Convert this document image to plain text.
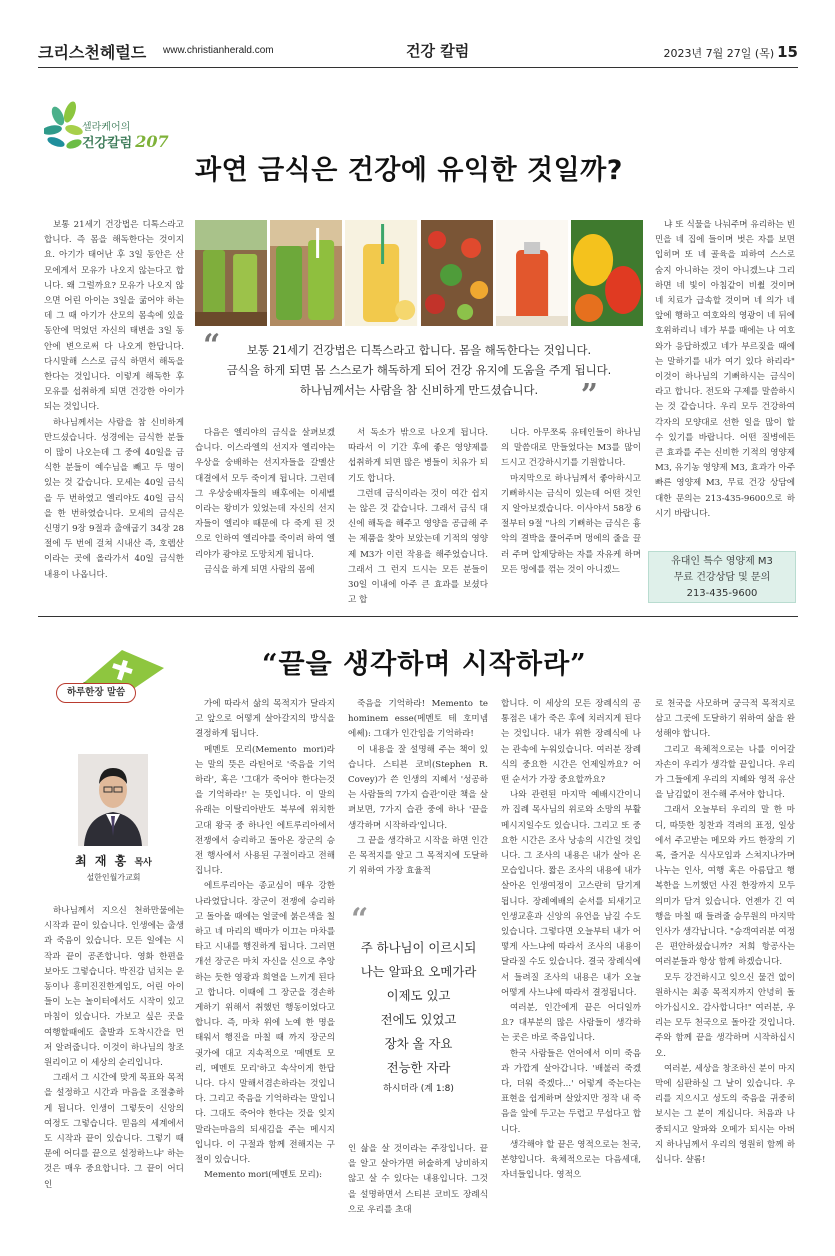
크리스천헤럴드 www.christianherald.com	건강 칼럼	2023년 7월 27일 (목) 15
셀라케어의
건강칼럼 207
과연 금식은 건강에 유익한 것일까?

보통 21세기 건강법은 디톡스라고 합니다. 즉 몸을 해독한다는 것이지요. 아기가 태어난 후 3일 동안은 산모에게서 모유가 나오지 않는다고 합니다. 왜 그럴까요? 모유가 나오지 않으면 어린 아이는 3일을 굶어야 하는데 그 때 아기가 산모의 몸속에 있을 동안에 먹었던 자신의 태변을 3일 동안에 변으로써 다 나오게 한답니다. 다시말해 스스로 금식 하면서 해독을 한다는 것입니다. 이렇게 해독한 후 모유를 섭취하게 되면 건강한 아이가 되는 것입니다.

하나님께서는 사람을 참 신비하게 만드셨습니다. 성경에는 금식한 분들이 많이 나오는데 그 중에 40일을 금식한 분들이 예수님을 빼고 두 명이 있는 것 같습니다. 모세는 40일 금식을 두 번하였고 엘리야도 40일 금식을 한 번하였습니다. 모세의 금식은 신명기 9장 9절과 출애굽기 34장 28절에 두 번에 걸쳐 시내산 즉, 호렙산이라는 곳에 올라가서 40일 금식한 내용이 나옵니다.

“	보통 21세기 건강법은 디톡스라고 합니다. 몸을 해독한다는 것입니다.
금식을 하게 되면 몸 스스로가 해독하게 되어 건강 유지에 도움을 주게 됩니다.
하나님께서는 사람을 참 신비하게 만드셨습니다.	”

다음은 엘리야의 금식을 살펴보겠습니다. 이스라엘의 선지자 엘리야는 우상을 숭배하는 선지자들을 갈멜산 대결에서 모두 죽이게 됩니다. 그런데 그 우상숭배자들의 배후에는 이세벨이라는 왕비가 있었는데 자신의 선지자들이 엘리야 때문에 다 죽게 된 것으로 인하여 엘리야를 죽이려 하여 엘리야가 광야로 도망치게 됩니다.

금식을 하게 되면 사람의 몸에

서 독소가 밖으로 나오게 됩니다. 따라서 이 기간 후에 좋은 영양제를 섭취하게 되면 많은 병들이 치유가 되기도 합니다.

그런데 금식이라는 것이 여간 쉽지는 않은 것 같습니다. 그래서 금식 대신에 해독을 해주고 영양을 공급해 주는 제품을 찾아 보았는데 기적의 영양제 M3가 이런 작용을 해주었습니다. 그래서 그 런지 드시는 모든 분들이 30일 이내에 아주 큰 효과를 보셨다고 합

니다. 아무쪼록 유테인들이 하나님의 말씀대로 만들었다는 M3를 많이 드시고 건강하시기를 기원합니다.

마지막으로 하나님께서 좋아하시고 기뻐하시는 금식이 있는데 어떤 것인지 알아보겠습니다. 이사야서 58장 6절부터 9절 "나의 기뻐하는 금식은 흉악의 결박을 풀어주며 멍에의 줄을 끌러 주며 압제당하는 자를 자유케 하며 모든 멍에를 꺾는 것이 아니겠느

냐 또 식물을 나눠주며 유리하는 빈민을 네 집에 들이며 벗은 자를 보면 입히며 또 네 골육을 피하여 스스로 숨지 아니하는 것이 아니겠느냐 그리하면 네 빛이 아침같이 비췰 것이며 네 치료가 급속할 것이며 네 의가 네 앞에 행하고 여호와의 영광이 네 뒤에 호위하리니 네가 부를 때에는 나 여호와가 응답하겠고 네가 부르짖을 때에는 말하기를 내가 여기 있다 하리라" 이것이 하나님의 기뻐하시는 금식이라고 합니다. 전도와 구제를 말씀하시는 것 같습니다. 우리 모두 건강하여 각자의 모양대로 선한 일을 많이 할 수 있기를 바랍니다. 어떤 질병에든 큰 효과를 주는 신비한 기적의 영양제 M3, 유기농 영양제 M3, 효과가 아주 빠른 영양제 M3, 무료 건강 상담에 대한 문의는 213-435-9600으로 하시기 바랍니다.

유대인 특수 영양제 M3
무료 건강상담 및 문의
213-435-9600
하루한장 말씀
“끝을 생각하며 시작하라”
최 재 홍 목사
설한인월가교회

하나님께서 지으신 천하만물에는 시작과 끝이 있습니다. 인생에는 출생과 죽음이 있습니다. 모든 일에는 시작과 끝이 공존합니다. 영화 한편을 보아도 그렇습니다. 박진감 넘치는 운동이나 흥미진진한게임도, 어린 아이들이 노는 놀이터에서도 시작이 있고 마침이 있습니다. 가보고 싶은 곳을 여행할때에도 출발과 도착시간을 먼저 알려줍니다. 이것이 하나님의 창조원리이고 이 세상의 순리입니다.

그래서 그 시간에 맞게 목표와 목적을 설정하고 시간과 마음을 조절충하게 됩니다. 인생이 그렇듯이 신앙의 여정도 그렇습니다. 믿음의 세계에서도 시작과 끝이 있습니다. 그렇기 때문에 어디를 끝으로 설정하느냐' 하는 것은 매우 중요합니다. 그 끝이 어디인

가에 따라서 삶의 목적지가 달라지고 앞으로 어떻게 살아갈지의 방식을 결정하게 됩니다.

메멘토 모리(Memento mori)라는 말의 뜻은 라틴어로 '죽음을 기억하라', 혹은 '그대가 죽어야 한다는것을 기억하라!' 는 뜻입니다. 이 말의 유래는 이탈리아반도 북부에 위치한 고대 왕국 중 하나인 에트루리아에서 전쟁에서 승리하고 돌아온 장군의 승전 행사에서 사용된 구절이라고 전해집니다.

에트루리아는 종교심이 매우 강한 나라였답니다. 장군이 전쟁에 승리하고 돌아올 때에는 얼굴에 붉은색을 칠하고 네 마리의 백마가 이끄는 마차를 타고 시내를 행진하게 됩니다. 그러면 개선 장군은 마치 자신을 신으로 추앙하는 듯한 영광과 희열을 느끼게 된다고 합니다. 이때에 그 장군을 경손하게하기 위해서 취했던 행동이었다고 합니다. 즉, 마차 위에 노예 한 명을 태워서 행진을 마칠 때 까지 장군의 귓가에 대고 지속적으로 '메멘토 모리, 메멘토 모리'하고 속삭이게 한답니다. 다시 말해서겸손하라는 것입니다. 그리고 죽음을 기억하라는 말입니다. 그대도 죽어야 한다는 것을 잊지 말라는마음의 되새김을 주는 메시지입니다. 이 구절과 함께 전해지는 구절이 있습니다.

Memento mori(메멘토 모리):

죽음을 기억하라! Memento te hominem esse(메멘토 테 호미넴 에쎄): 그대가 인간임을 기억하라!

이 내용을 잘 설명해 주는 책이 있습니다. 스티븐 코비(Stephen R. Covey)가 쓴 인생의 지혜서 '성공하는 사람들의 7가지 습관'이란 책을 살펴보면, 7가지 습관 중에 하나 '끝을 생각하며 시작하라'입니다.

그 끝을 생각하고 시작을 하면 인간은 목적지를 알고 그 목적지에 도달하기 위하여 가장 효율적

“
주 하나님이 이르시되
나는 알파요 오메가라
이제도 있고
전에도 있었고
장차 올 자요
전능한 자라
하시더라 (계 1:8)

인 삶을 살 것이라는 주장입니다. 끝을 알고 살아가면 허술하게 낭비하지 않고 살 수 있다는 내용입니다. 그것을 설명하면서 스티븐 코비도 장례식으로 우리를 초대

합니다. 이 세상의 모든 장례식의 공통점은 내가 죽은 후에 치러지게 된다는 것입니다. 내가 위한 장례식에 나는 관속에 누워있습니다. 여러분 장례식의 중요한 시간은 언제일까요? 어떤 순서가 가장 중요할까요?

나와 관련된 마지막 예배시간이니까 집례 목사님의 위로와 소망의 부활 메시지일수도 있습니다. 그리고 또 중요한 시간은 조사 낭송의 시간일 것입니다. 그 조사의 내용은 내가 살아 온 모습입니다. 짧은 조사의 내용에 내가 살아온 인생여정이 고스란히 담기게 됩니다. 장례예배의 순서를 되새기고 인생교훈과 신앙의 유언을 남길 수도 있습니다. 그렇다면 오늘부터 내가 어떻게 사느냐에 따라서 조사의 내용이 달라질 수도 있습니다. 결국 장례식에서 들려질 조사의 내용은 내가 오늘 어떻게 사느냐에 따라서 결정됩니다.

여러분, 인간에게 끝은 어디일까요? 대부분의 많은 사람들이 생각하는 곳은 바로 죽음입니다.

한국 사람들은 언어에서 이미 죽음과 가깝게 살아갑니다. '배불러 죽겠다, 더워 죽겠다...' 어렇게 죽는다는 표현을 쉽게하며 살았지만 정작 내 죽음을 앞에 두고는 두렵고 무섭다고 합니다.

생각해야 할 끝은 영적으로는 천국, 본향입니다. 육체적으로는 다음세대, 자녀들입니다. 영적으

로 천국을 사모하며 궁극적 목적지로 삼고 그곳에 도달하기 위하여 삶을 완성해야 합니다.

그리고 육체적으로는 나를 이어갈 자손이 우리가 생각할 끝입니다. 우리가 그들에게 우리의 지혜와 영적 유산을 남김없이 전수해 주셔야 합니다.

그래서 오늘부터 우리의 말 한 마디, 따뜻한 칭찬과 격려의 표정, 일상에서 주고받는 메모와 카드 한장의 기록, 즐거운 식사모임과 스쳐지나가며 나누는 인사, 여행 혹은 아름답고 행복한을 느끼했던 사진 한장까지 모두 의미가 담겨 있습니다. 언젠가 긴 여행을 마칠 때 들려줄 승무원의 마지막 인사가 생각납니다. "승객여러분 여정은 편안하셨습니까? 저희 항공사는 여러분들과 항상 함께 하겠습니다.

모두 강건하시고 잊으신 물건 없이 원하시는 최종 목적지까지 안녕히 돌아가십시오. 감사합니다!" 여러분, 우리는 모두 천국으로 돌아갈 것입니다. 주와 함께 끝을 생각하며 시작하십시오.

여러분, 세상을 창조하신 분이 마지막에 심판하실 그 날이 있습니다. 우리를 지으시고 성도의 죽음을 귀중히 보시는 그 분이 계십니다. 처음과 나중되시고 알파와 오메가 되시는 아버지 하나님께서 우리의 영원히 함께 하십니다. 샬롬!
